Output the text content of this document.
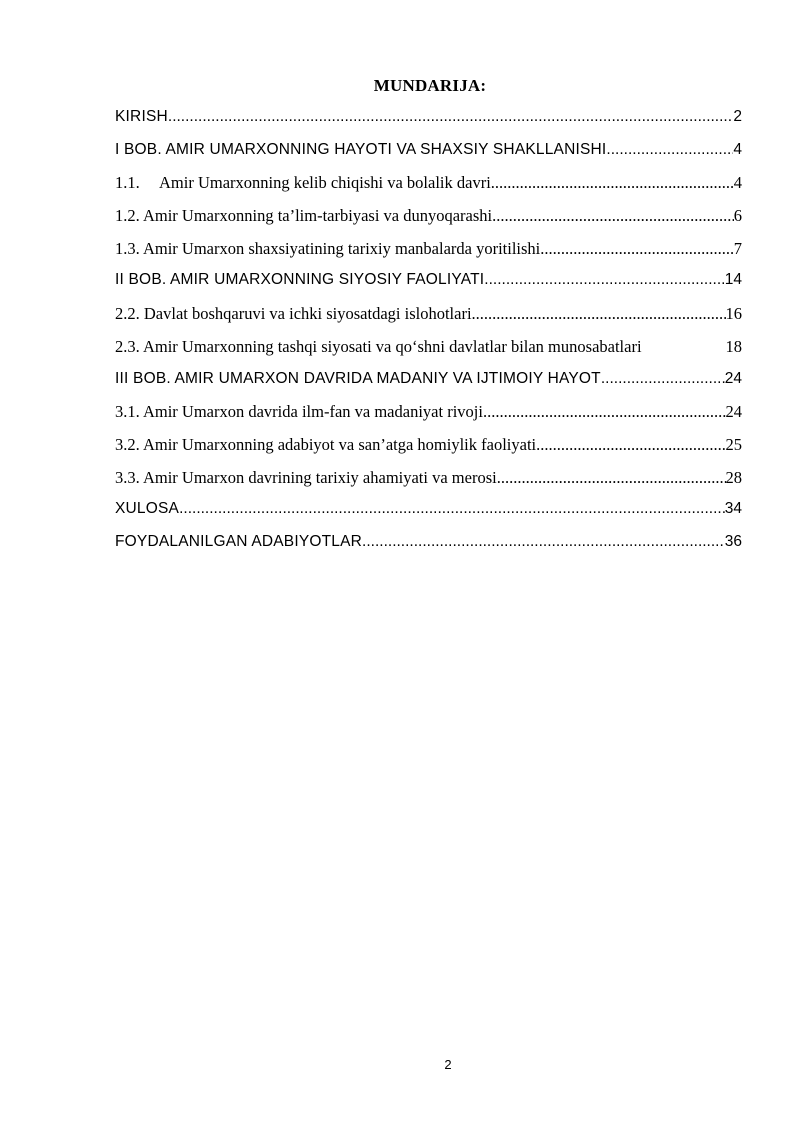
MUNDARIJA:
KIRISH .....	2
I BOB. AMIR UMARXONNING HAYOTI VA SHAXSIY SHAKLLANISHI .....	4
1.1. Amir Umarxonning kelib chiqishi va bolalik davri .....	4
1.2. Amir Umarxonning ta’lim-tarbiyasi va dunyoqarashi .....	6
1.3. Amir Umarxon shaxsiyatining tarixiy manbalarda yoritilishi .....	7
II BOB. AMIR UMARXONNING SIYOSIY FAOLIYATI .....	14
2.2. Davlat boshqaruvi va ichki siyosatdagi islohotlari .....	16
2.3. Amir Umarxonning tashqi siyosati va qo‘shni davlatlar bilan munosabatlari	18
III BOB. AMIR UMARXON DAVRIDA MADANIY VA IJTIMOIY HAYOT .....	24
3.1. Amir Umarxon davrida ilm-fan va madaniyat rivoji .....	24
3.2. Amir Umarxonning adabiyot va san’atga homiylik faoliyati .....	25
3.3. Amir Umarxon davrining tarixiy ahamiyati va merosi .....	28
XULOSA .....	34
FOYDALANILGAN ADABIYOTLAR .....	36
2
